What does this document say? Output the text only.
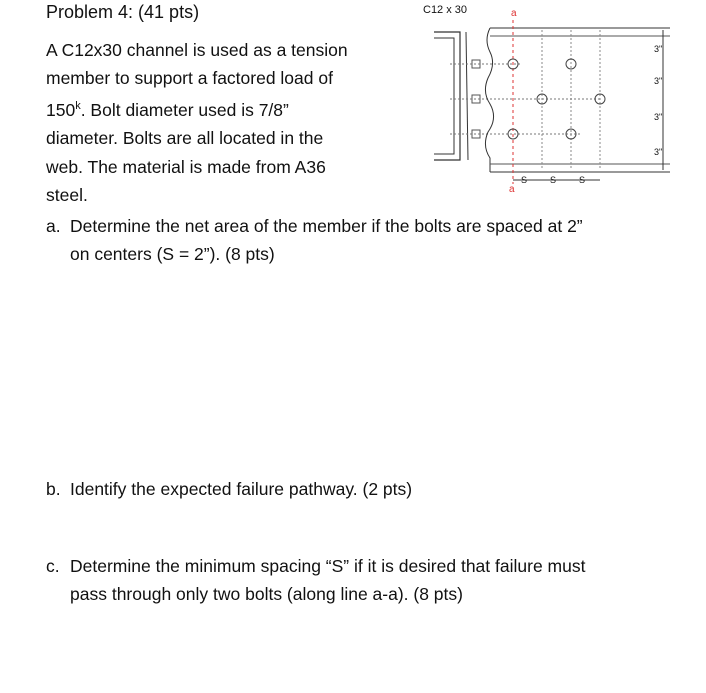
Problem 4: (41 pts)
A C12x30 channel is used as a tension
member to support a factored load of
150$^k$. Bolt diameter used is 7/8”
diameter. Bolts are all located in the
web. The material is made from A36
steel.
C12 x 30	a
a
3"
3"
3"
3"
S	S	S
a. Determine the net area of the member if the bolts are spaced at 2”
on centers (S = 2”). (8 pts)
b. Identify the expected failure pathway. (2 pts)
c. Determine the minimum spacing “S” if it is desired that failure must
pass through only two bolts (along line a-a). (8 pts)
